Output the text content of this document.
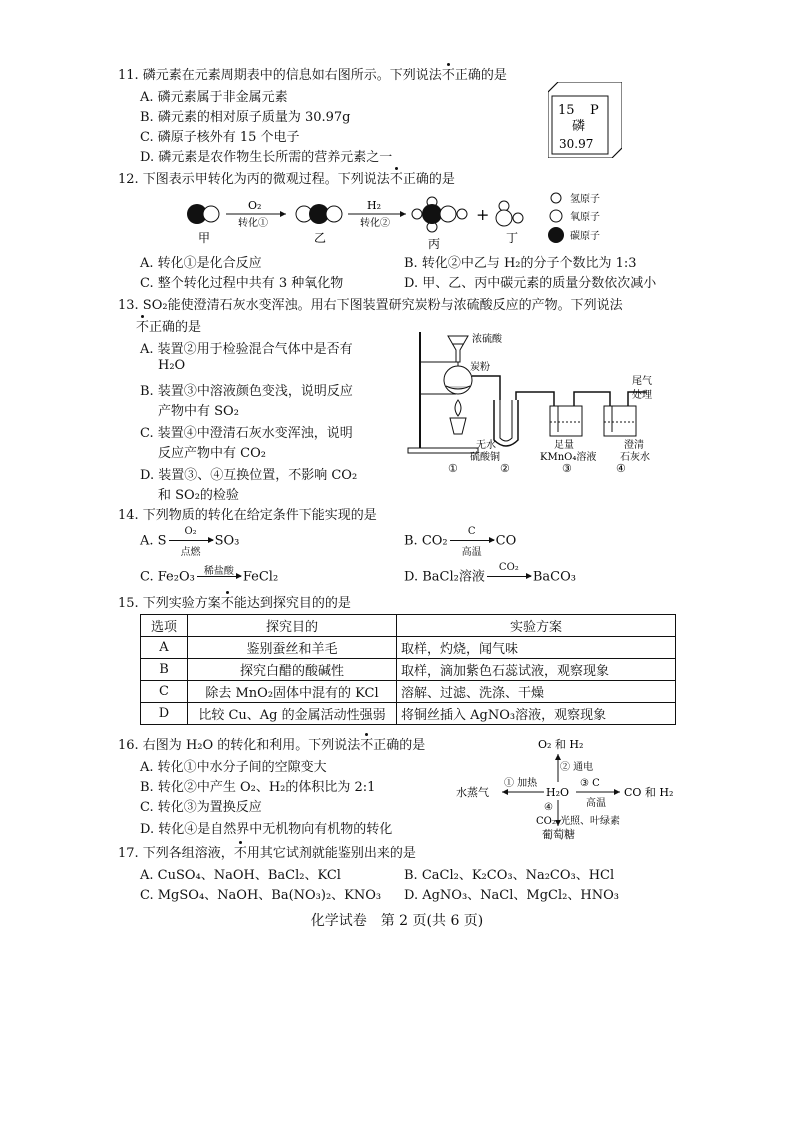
11. 磷元素在元素周期表中的信息如右图所示。下列说法不正确的是
A. 磷元素属于非金属元素
B. 磷元素的相对原子质量为 30.97g
C. 磷原子核外有 15 个电子
D. 磷元素是农作物生长所需的营养元素之一
15 P
磷
30.97
12. 下图表示甲转化为丙的微观过程。下列说法不正确的是
甲
O₂
转化①
乙
H₂
转化②
丙
+
丁
氢原子
氧原子
碳原子
A. 转化①是化合反应	B. 转化②中乙与 H₂的分子个数比为 1:3
C. 整个转化过程中共有 3 种氧化物	D. 甲、乙、丙中碳元素的质量分数依次减小
13. SO₂能使澄清石灰水变浑浊。用右下图装置研究炭粉与浓硫酸反应的产物。下列说法
不正确的是
A. 装置②用于检验混合气体中是否有
H₂O
B. 装置③中溶液颜色变浅，说明反应
产物中有 SO₂
C. 装置④中澄清石灰水变浑浊，说明
反应产物中有 CO₂
D. 装置③、④互换位置，不影响 CO₂
和 SO₂的检验
浓硫酸
炭粉
尾气
处理
无水
硫酸铜
足量
KMnO₄溶液
澄清
石灰水
①	②	③	④
14. 下列物质的转化在给定条件下能实现的是
A. S
O₂
点燃
SO₃	B. CO₂
C
高温
CO
C. Fe₂O₃ 稀盐酸 FeCl₂	D. BaCl₂溶液
CO₂
BaCO₃
15. 下列实验方案不能达到探究目的的是
选项	探究目的	实验方案
A	鉴别蚕丝和羊毛	取样，灼烧，闻气味
B	探究白醋的酸碱性	取样，滴加紫色石蕊试液，观察现象
C	除去 MnO₂固体中混有的 KCl	溶解、过滤、洗涤、干燥
D	比较 Cu、Ag 的金属活动性强弱	将铜丝插入 AgNO₃溶液，观察现象
16. 右图为 H₂O 的转化和利用。下列说法不正确的是
A. 转化①中水分子间的空隙变大
B. 转化②中产生 O₂、H₂的体积比为 2:1
C. 转化③为置换反应
D. 转化④是自然界中无机物向有机物的转化
O₂ 和 H₂
H₂O
水蒸气	CO 和 H₂
葡萄糖
① 加热
② 通电
③ C
高温
④
CO₂ 光照、叶绿素
17. 下列各组溶液，不用其它试剂就能鉴别出来的是
A. CuSO₄、NaOH、BaCl₂、KCl	B. CaCl₂、K₂CO₃、Na₂CO₃、HCl
C. MgSO₄、NaOH、Ba(NO₃)₂、KNO₃ D. AgNO₃、NaCl、MgCl₂、HNO₃
化学试卷　第 2 页(共 6 页)
